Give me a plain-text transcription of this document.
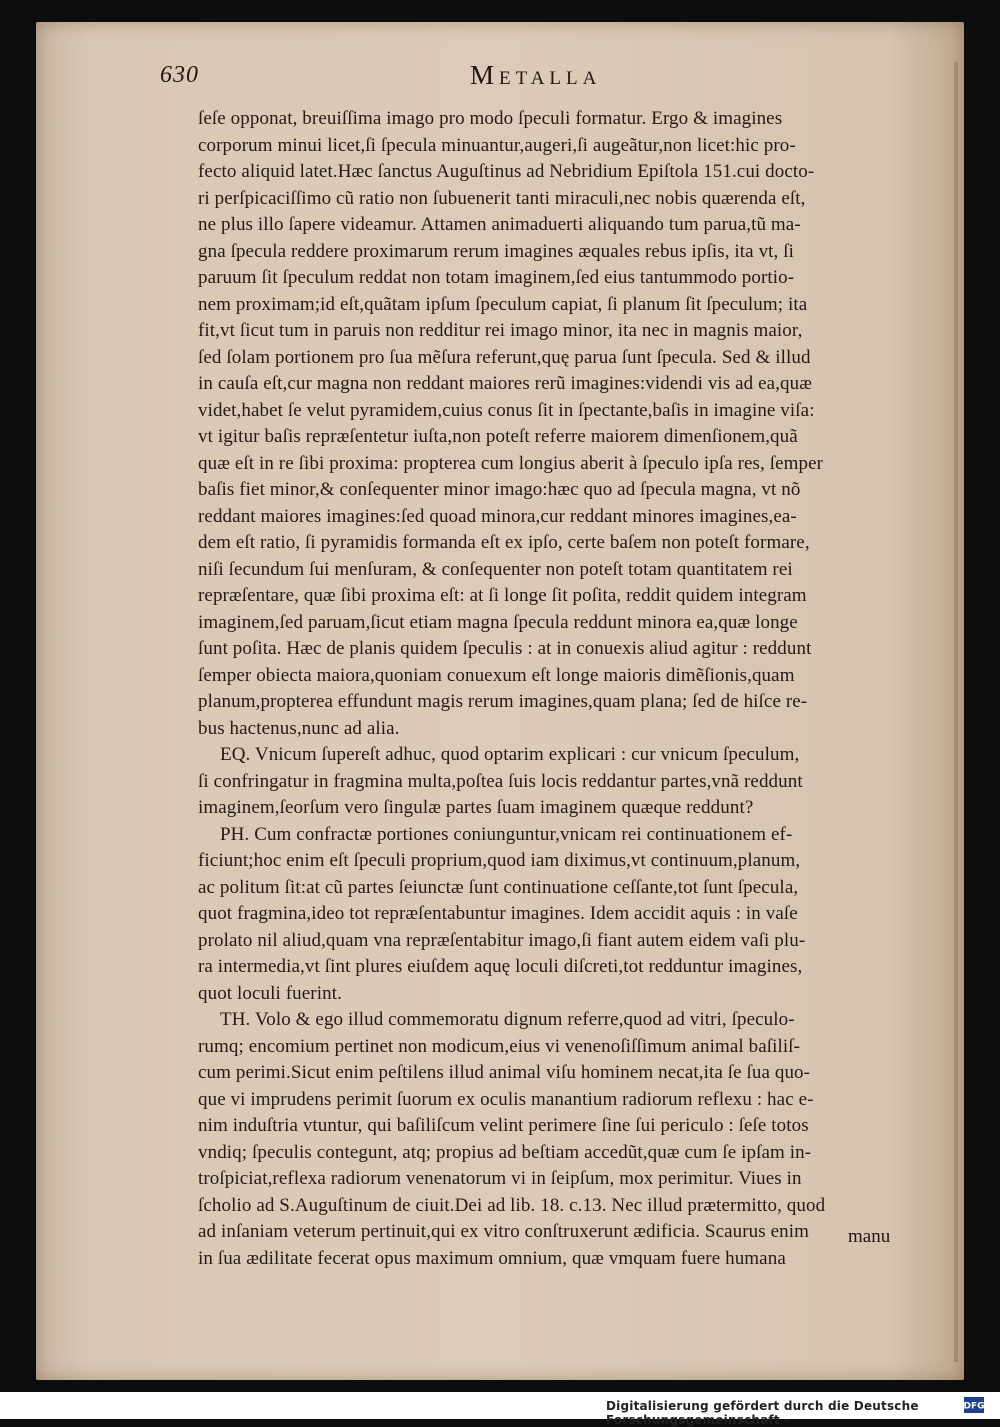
630	Metalla
ſeſe opponat, breuiſſima imago pro modo ſpeculi formatur. Ergo & imagines
corporum minui licet,ſi ſpecula minuantur,augeri,ſi augeãtur,non licet:hic pro-
fecto aliquid latet.Hæc ſanctus Auguſtinus ad Nebridium Epiſtola 151.cui docto-
ri perſpicaciſſimo cũ ratio non ſubuenerit tanti miraculi,nec nobis quærenda eſt,
ne plus illo ſapere videamur. Attamen animaduerti aliquando tum parua,tũ ma-
gna ſpecula reddere proximarum rerum imagines æquales rebus ipſis, ita vt, ſi
paruum ſit ſpeculum reddat non totam imaginem,ſed eius tantummodo portio-
nem proximam;id eſt,quãtam ipſum ſpeculum capiat, ſi planum ſit ſpeculum; ita
fit,vt ſicut tum in paruis non redditur rei imago minor, ita nec in magnis maior,
ſed ſolam portionem pro ſua mẽſura referunt,quę parua ſunt ſpecula. Sed & illud
in cauſa eſt,cur magna non reddant maiores rerũ imagines:videndi vis ad ea,quæ
videt,habet ſe velut pyramidem,cuius conus ſit in ſpectante,baſis in imagine viſa:
vt igitur baſis repræſentetur iuſta,non poteſt referre maiorem dimenſionem,quã
quæ eſt in re ſibi proxima: propterea cum longius aberit à ſpeculo ipſa res, ſemper
baſis fiet minor,& conſequenter minor imago:hæc quo ad ſpecula magna, vt nõ
reddant maiores imagines:ſed quoad minora,cur reddant minores imagines,ea-
dem eſt ratio, ſi pyramidis formanda eſt ex ipſo, certe baſem non poteſt formare,
niſi ſecundum ſui menſuram, & conſequenter non poteſt totam quantitatem rei
repræſentare, quæ ſibi proxima eſt: at ſi longe ſit poſita, reddit quidem integram
imaginem,ſed paruam,ſicut etiam magna ſpecula reddunt minora ea,quæ longe
ſunt poſita. Hæc de planis quidem ſpeculis : at in conuexis aliud agitur : reddunt
ſemper obiecta maiora,quoniam conuexum eſt longe maioris dimẽſionis,quam
planum,propterea effundunt magis rerum imagines,quam plana; ſed de hiſce re-
bus hactenus,nunc ad alia.
EQ. Vnicum ſupereſt adhuc, quod optarim explicari : cur vnicum ſpeculum,
ſi confringatur in fragmina multa,poſtea ſuis locis reddantur partes,vnã reddunt
imaginem,ſeorſum vero ſingulæ partes ſuam imaginem quæque reddunt?
PH. Cum confractæ portiones coniunguntur,vnicam rei continuationem ef-
ficiunt;hoc enim eſt ſpeculi proprium,quod iam diximus,vt continuum,planum,
ac politum ſit:at cũ partes ſeiunctæ ſunt continuatione ceſſante,tot ſunt ſpecula,
quot fragmina,ideo tot repræſentabuntur imagines. Idem accidit aquis : in vaſe
prolato nil aliud,quam vna repræſentabitur imago,ſi fiant autem eidem vaſi plu-
ra intermedia,vt ſint plures eiuſdem aquę loculi diſcreti,tot redduntur imagines,
quot loculi fuerint.
TH. Volo & ego illud commemoratu dignum referre,quod ad vitri, ſpeculo-
rumq; encomium pertinet non modicum,eius vi venenoſiſſimum animal baſiliſ-
cum perimi.Sicut enim peſtilens illud animal viſu hominem necat,ita ſe ſua quo-
que vi imprudens perimit ſuorum ex oculis manantium radiorum reflexu : hac e-
nim induſtria vtuntur, qui baſiliſcum velint perimere ſine ſui periculo : ſeſe totos
vndiq; ſpeculis contegunt, atq; propius ad beſtiam accedũt,quæ cum ſe ipſam in-
troſpiciat,reflexa radiorum venenatorum vi in ſeipſum, mox perimitur. Viues in
ſcholio ad S.Auguſtinum de ciuit.Dei ad lib. 18. c.13. Nec illud prætermitto, quod
ad inſaniam veterum pertinuit,qui ex vitro conſtruxerunt ædificia. Scaurus enim
in ſua ædilitate fecerat opus maximum omnium, quæ vmquam fuere humana
manu
Digitalisierung gefördert durch die Deutsche Forschungsgemeinschaft -
DFG
